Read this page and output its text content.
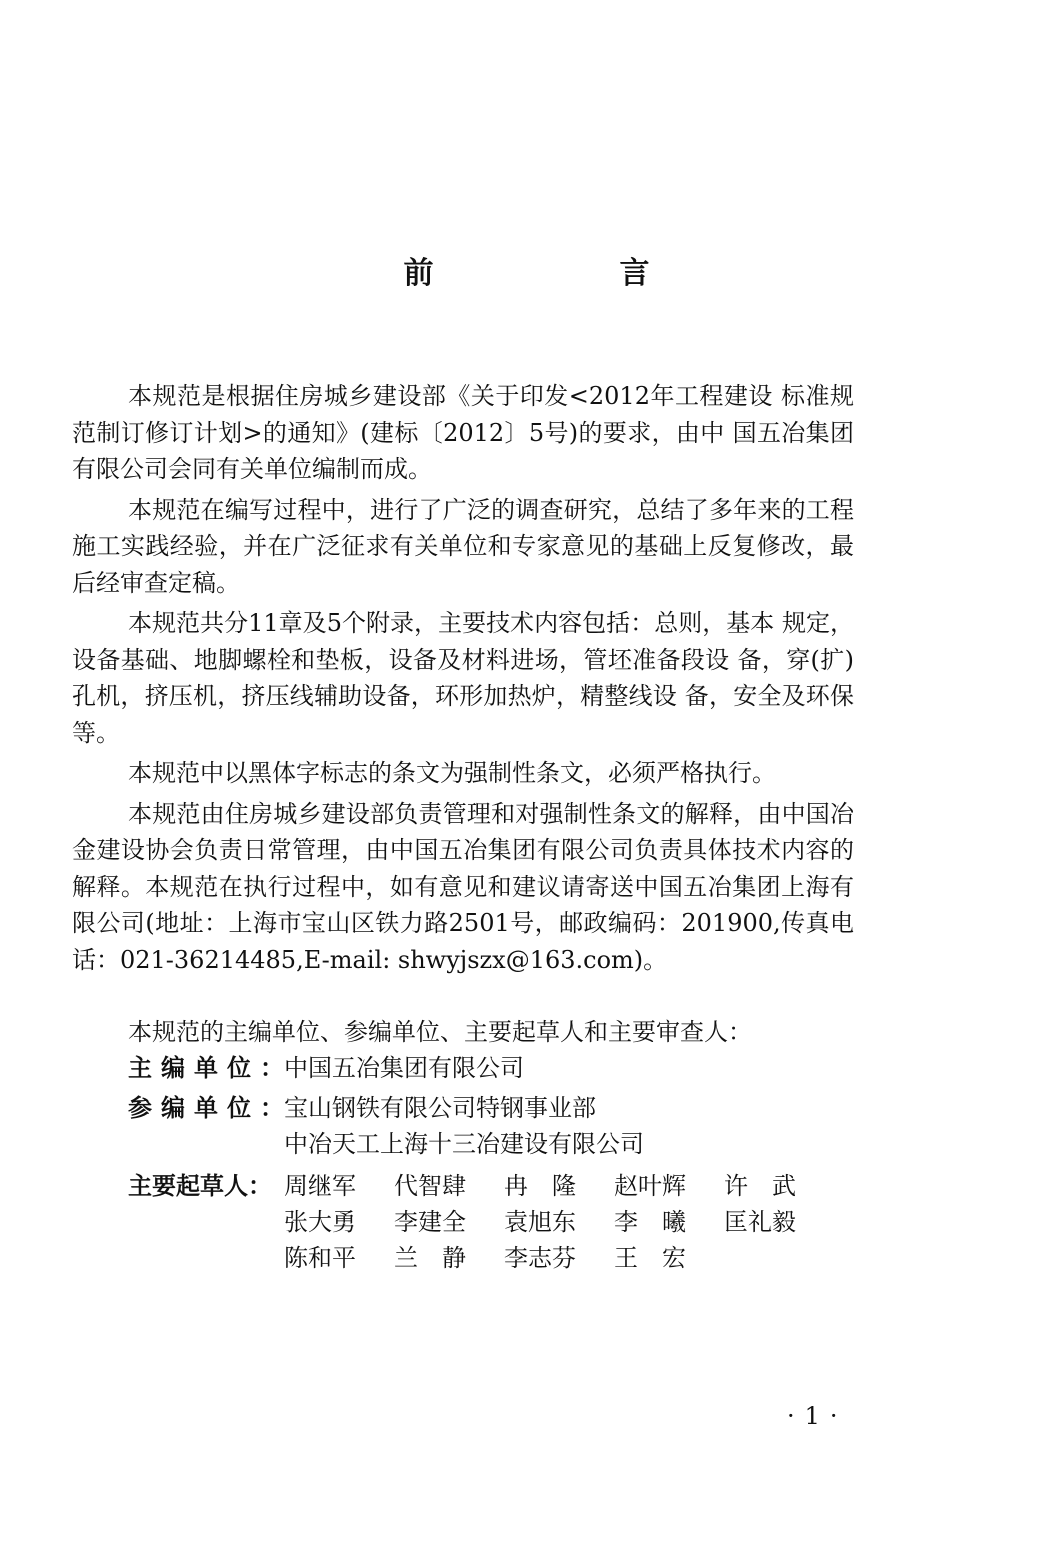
前　言

本规范是根据住房城乡建设部《关于印发<2012年工程建设 标准规范制订修订计划>的通知》(建标〔2012〕5号)的要求，由中 国五冶集团有限公司会同有关单位编制而成。

本规范在编写过程中，进行了广泛的调查研究，总结了多年来的工程施工实践经验，并在广泛征求有关单位和专家意见的基础上反复修改，最后经审查定稿。

本规范共分11章及5个附录，主要技术内容包括：总则，基本 规定，设备基础、地脚螺栓和垫板，设备及材料进场，管坯准备段设 备，穿(扩)孔机，挤压机，挤压线辅助设备，环形加热炉，精整线设 备，安全及环保等。

本规范中以黑体字标志的条文为强制性条文，必须严格执行。

本规范由住房城乡建设部负责管理和对强制性条文的解释，由中国冶金建设协会负责日常管理，由中国五冶集团有限公司负责具体技术内容的解释。本规范在执行过程中，如有意见和建议请寄送中国五冶集团上海有限公司(地址：上海市宝山区铁力路2501号，邮政编码：201900,传真电话：021-36214485,E-mail: shwyjszx@163.com)。

本规范的主编单位、参编单位、主要起草人和主要审查人：
主编单位：
中国五冶集团有限公司
参编单位：
宝山钢铁有限公司特钢事业部
中冶天工上海十三冶建设有限公司
主要起草人： 周继军	代智肆	冉　隆	赵叶辉	许　武
张大勇	李建全	袁旭东	李　曦	匡礼毅
陈和平	兰　静	李志芬	王　宏
·1·
